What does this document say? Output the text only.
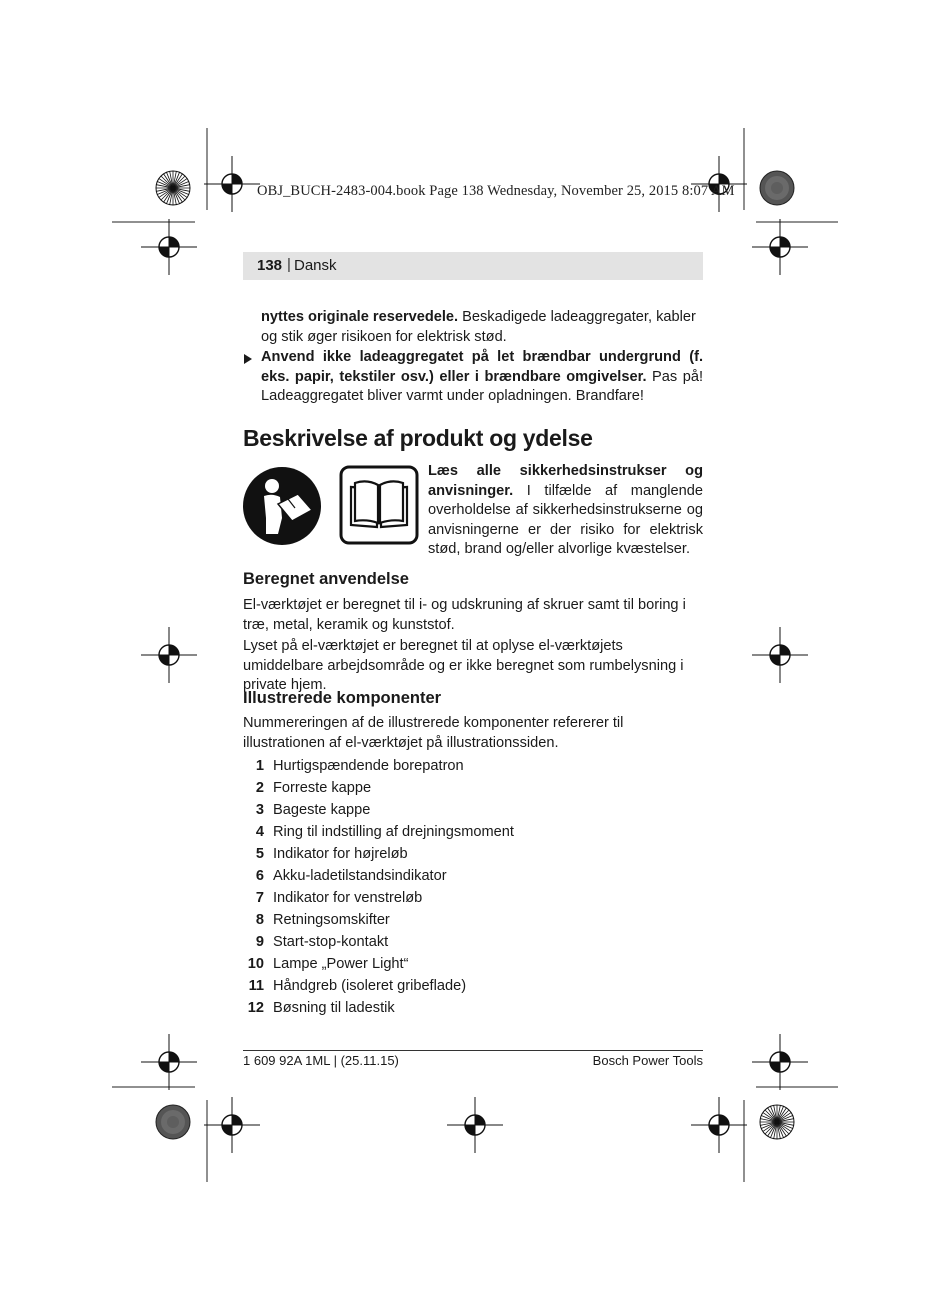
OBJ_BUCH-2483-004.book Page 138 Wednesday, November 25, 2015 8:07 AM
138 | Dansk

nyttes originale reservedele. Beskadigede ladeaggregater, kabler og stik øger risikoen for elektrisk stød.

Anvend ikke ladeaggregatet på let brændbar undergrund (f. eks. papir, tekstiler osv.) eller i brændbare omgivelser. Pas på! Ladeaggregatet bliver varmt under opladningen. Brandfare!

Beskrivelse af produkt og ydelse

Læs alle sikkerhedsinstrukser og anvisninger. I tilfælde af manglende overholdelse af sikkerhedsinstrukserne og anvisningerne er der risiko for elektrisk stød, brand og/eller alvorlige kvæstelser.

Beregnet anvendelse

El-værktøjet er beregnet til i- og udskruning af skruer samt til boring i træ, metal, keramik og kunststof.

Lyset på el-værktøjet er beregnet til at oplyse el-værktøjets umiddelbare arbejdsområde og er ikke beregnet som rumbelysning i private hjem.

Illustrerede komponenter

Nummereringen af de illustrerede komponenter refererer til illustrationen af el-værktøjet på illustrationssiden.

1 Hurtigspændende borepatron
2 Forreste kappe
3 Bageste kappe
4 Ring til indstilling af drejningsmoment
5 Indikator for højreløb
6 Akku-ladetilstandsindikator
7 Indikator for venstreløb
8 Retningsomskifter
9 Start-stop-kontakt
10 Lampe „Power Light“
11 Håndgreb (isoleret gribeflade)
12 Bøsning til ladestik
1 609 92A 1ML | (25.11.15)	Bosch Power Tools
